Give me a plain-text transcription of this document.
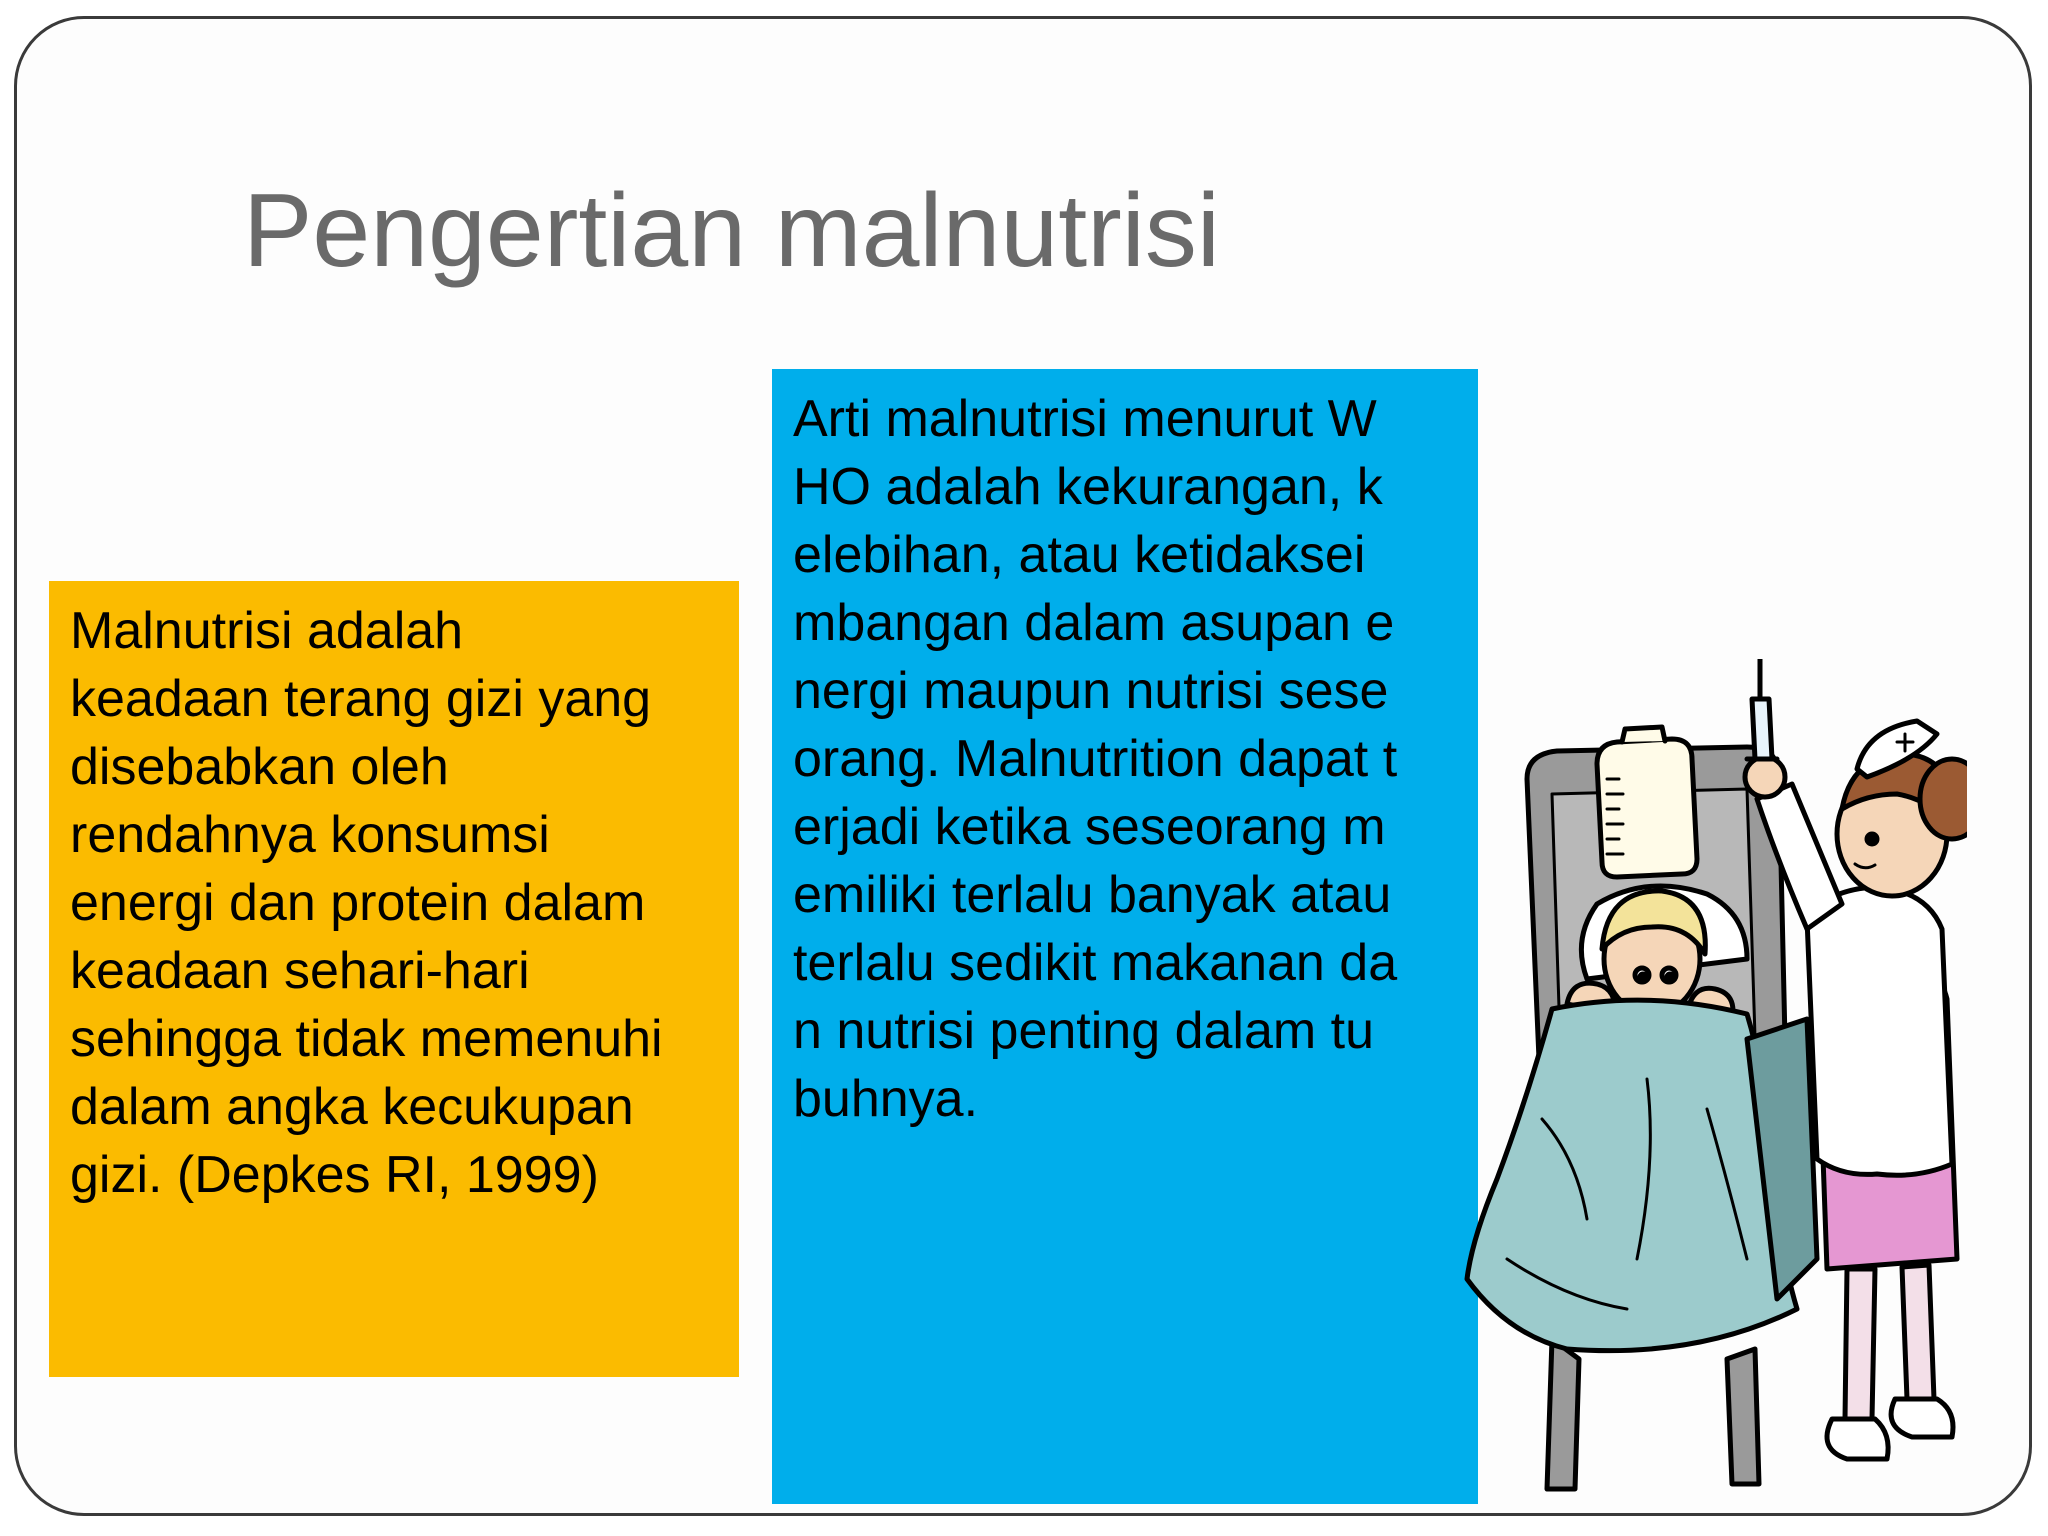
Pengertian malnutrisi

Malnutrisi adalah
keadaan terang gizi yang
disebabkan oleh
rendahnya konsumsi
energi dan protein dalam
keadaan sehari-hari
sehingga tidak memenuhi
dalam angka kecukupan
gizi. (Depkes RI, 1999)

Arti malnutrisi menurut W
HO adalah kekurangan, k
elebihan, atau ketidaksei
mbangan dalam asupan e
nergi maupun nutrisi sese
orang. Malnutrition dapat t
erjadi ketika seseorang m
emiliki terlalu banyak atau
terlalu sedikit makanan da
n nutrisi penting dalam tu
buhnya.
